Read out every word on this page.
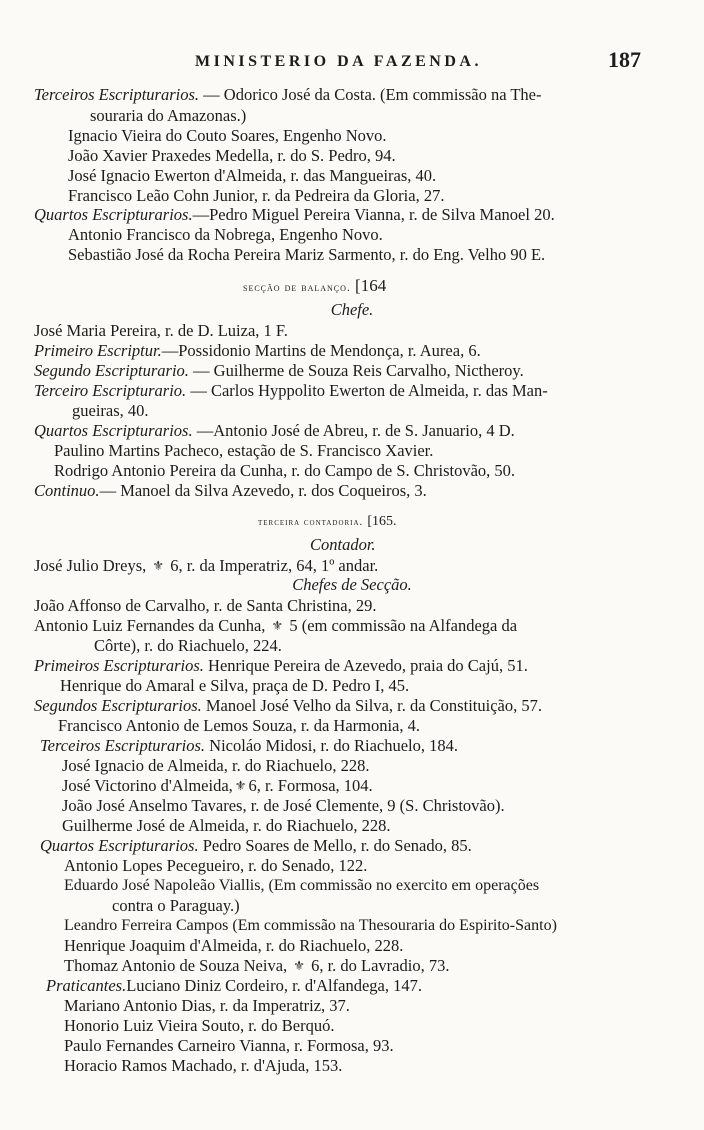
MINISTERIO DA FAZENDA.	187
Terceiros Escripturarios. — Odorico José da Costa. (Em commissão na The-
souraria do Amazonas.)
Ignacio Vieira do Couto Soares, Engenho Novo.
João Xavier Praxedes Medella, r. do S. Pedro, 94.
José Ignacio Ewerton d'Almeida, r. das Mangueiras, 40.
Francisco Leão Cohn Junior, r. da Pedreira da Gloria, 27.
Quartos Escripturarios.—Pedro Miguel Pereira Vianna, r. de Silva Manoel 20.
Antonio Francisco da Nobrega, Engenho Novo.
Sebastião José da Rocha Pereira Mariz Sarmento, r. do Eng. Velho 90 E.
secção de balanço. [164
Chefe.
José Maria Pereira, r. de D. Luiza, 1 F.
Primeiro Escriptur.—Possidonio Martins de Mendonça, r. Aurea, 6.
Segundo Escripturario. — Guilherme de Souza Reis Carvalho, Nictheroy.
Terceiro Escripturario. — Carlos Hyppolito Ewerton de Almeida, r. das Man-
gueiras, 40.
Quartos Escripturarios. —Antonio José de Abreu, r. de S. Januario, 4 D.
Paulino Martins Pacheco, estação de S. Francisco Xavier.
Rodrigo Antonio Pereira da Cunha, r. do Campo de S. Christovão, 50.
Continuo.— Manoel da Silva Azevedo, r. dos Coqueiros, 3.
terceira contadoria. [165.
Contador.
José Julio Dreys, ⚜ 6, r. da Imperatriz, 64, 1º andar.
Chefes de Secção.
João Affonso de Carvalho, r. de Santa Christina, 29.
Antonio Luiz Fernandes da Cunha, ⚜ 5 (em commissão na Alfandega da
Côrte), r. do Riachuelo, 224.
Primeiros Escripturarios. Henrique Pereira de Azevedo, praia do Cajú, 51.
Henrique do Amaral e Silva, praça de D. Pedro I, 45.
Segundos Escripturarios. Manoel José Velho da Silva, r. da Constituição, 57.
Francisco Antonio de Lemos Souza, r. da Harmonia, 4.
Terceiros Escripturarios. Nicoláo Midosi, r. do Riachuelo, 184.
José Ignacio de Almeida, r. do Riachuelo, 228.
José Victorino d'Almeida, ⚜ 6, r. Formosa, 104.
João José Anselmo Tavares, r. de José Clemente, 9 (S. Christovão).
Guilherme José de Almeida, r. do Riachuelo, 228.
Quartos Escripturarios. Pedro Soares de Mello, r. do Senado, 85.
Antonio Lopes Pecegueiro, r. do Senado, 122.
Eduardo José Napoleão Viallis, (Em commissão no exercito em operações
contra o Paraguay.)
Leandro Ferreira Campos (Em commissão na Thesouraria do Espirito-Santo)
Henrique Joaquim d'Almeida, r. do Riachuelo, 228.
Thomaz Antonio de Souza Neiva, ⚜ 6, r. do Lavradio, 73.
Praticantes.Luciano Diniz Cordeiro, r. d'Alfandega, 147.
Mariano Antonio Dias, r. da Imperatriz, 37.
Honorio Luiz Vieira Souto, r. do Berquó.
Paulo Fernandes Carneiro Vianna, r. Formosa, 93.
Horacio Ramos Machado, r. d'Ajuda, 153.
